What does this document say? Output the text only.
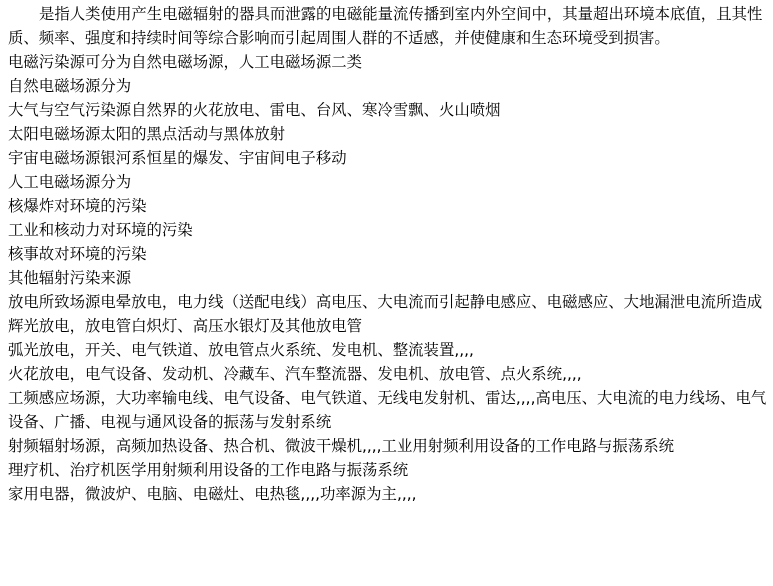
是指人类使用产生电磁辐射的器具而泄露的电磁能量流传播到室内外空间中，其量超出环境本底值，且其性质、频率、强度和持续时间等综合影响而引起周围人群的不适感，并使健康和生态环境受到损害。

电磁污染源可分为自然电磁场源，人工电磁场源二类

自然电磁场源分为

大气与空气污染源自然界的火花放电、雷电、台风、寒冷雪飘、火山喷烟

太阳电磁场源太阳的黑点活动与黑体放射

宇宙电磁场源银河系恒星的爆发、宇宙间电子移动

人工电磁场源分为

核爆炸对环境的污染

工业和核动力对环境的污染

核事故对环境的污染

其他辐射污染来源

放电所致场源电晕放电，电力线（送配电线）高电压、大电流而引起静电感应、电磁感应、大地漏泄电流所造成

辉光放电，放电管白炽灯、高压水银灯及其他放电管

弧光放电，开关、电气铁道、放电管点火系统、发电机、整流装置,,,,

火花放电，电气设备、发动机、冷藏车、汽车整流器、发电机、放电管、点火系统,,,,

工频感应场源，大功率输电线、电气设备、电气铁道、无线电发射机、雷达,,,,高电压、大电流的电力线场、电气设备、广播、电视与通风设备的振荡与发射系统

射频辐射场源，高频加热设备、热合机、微波干燥机,,,,工业用射频利用设备的工作电路与振荡系统

理疗机、治疗机医学用射频利用设备的工作电路与振荡系统

家用电器，微波炉、电脑、电磁灶、电热毯,,,,功率源为主,,,,
